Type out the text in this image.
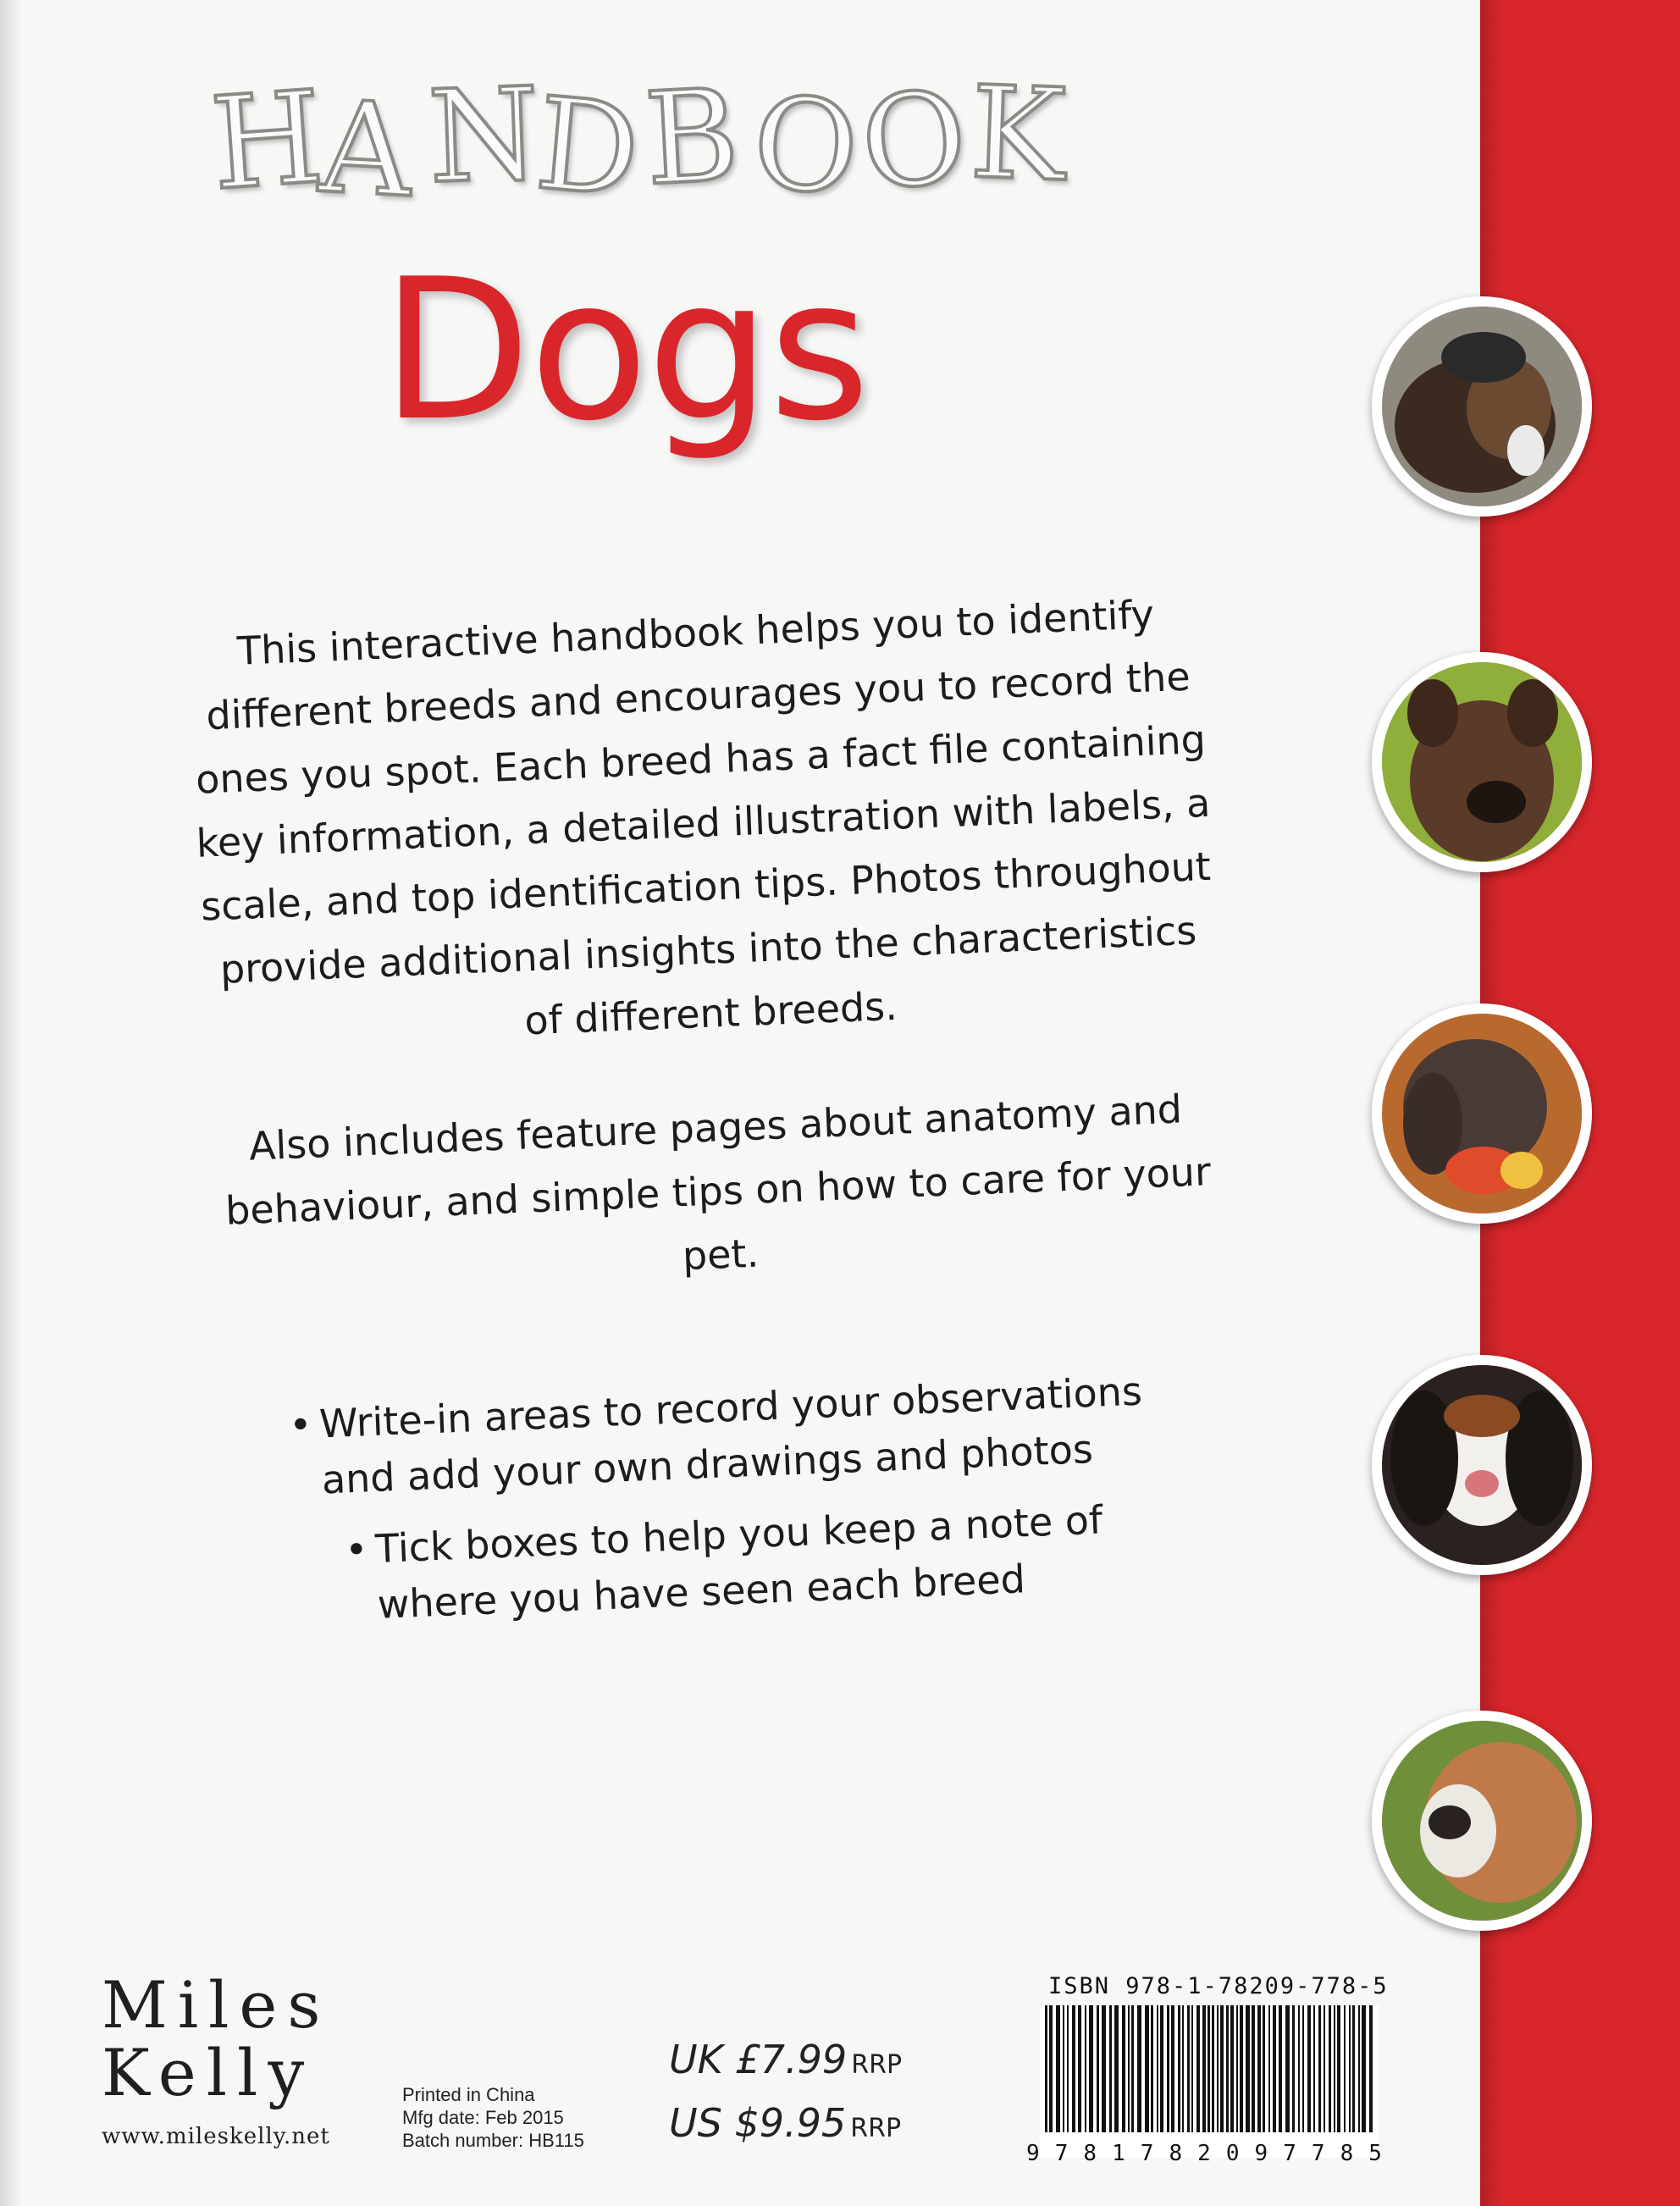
H
A N
D
B O
O
K
Dogs

This interactive handbook helps you to identify different breeds and encourages you to record the ones you spot. Each breed has a fact file containing key information, a detailed illustration with labels, a scale, and top identification tips. Photos throughout provide additional insights into the characteristics of different breeds.

Also includes feature pages about anatomy and behaviour, and simple tips on how to care for your pet.

• Write-in areas to record your observations and add your own drawings and photos
• Tick boxes to help you keep a note of where you have seen each breed
Miles
Kelly
www.mileskelly.net
Printed in China
Mfg date: Feb 2015
Batch number: HB115
UK £7.99 RRP
US $9.95 RRP
ISBN 978-1-78209-778-5
9 7 8 1 7 8 2 0 9 7 7 8 5
